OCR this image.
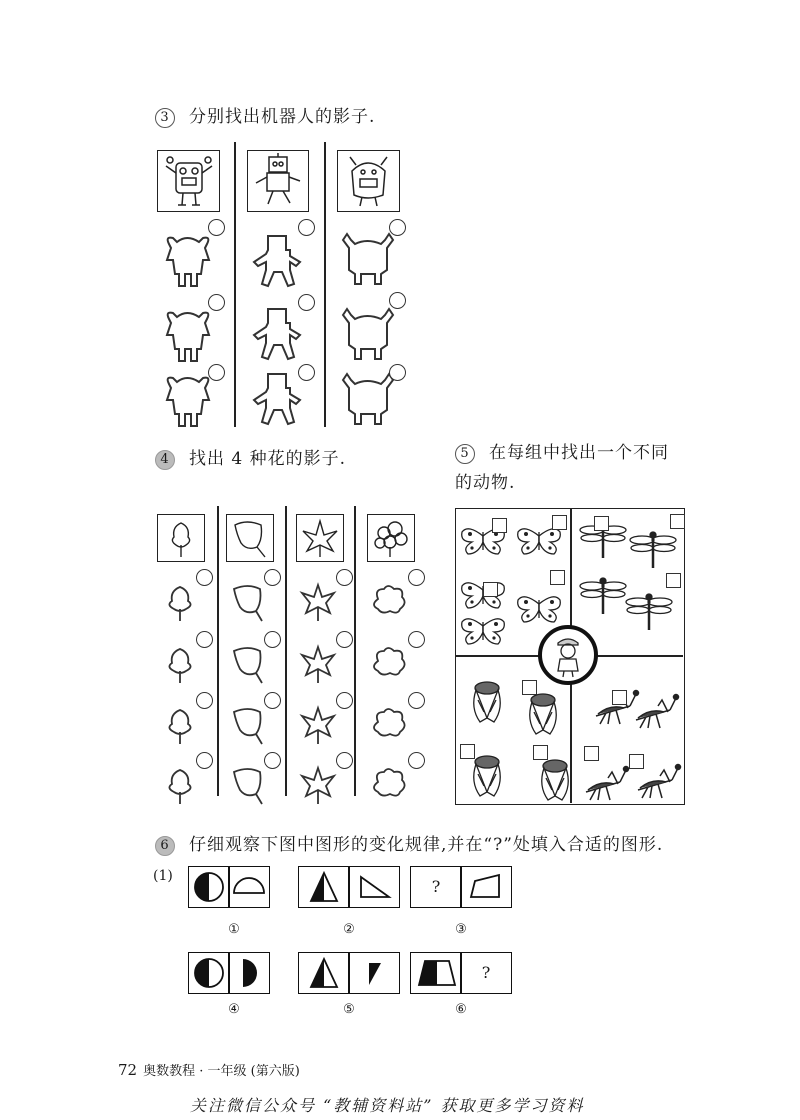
3 分别找出机器人的影子.
4 找出 4 种花的影子.	5 在每组中找出一个不同
的动物.
6 仔细观察下图中图形的变化规律,并在“?”处填入合适的图形.
(1)
①	②
?
③
④	⑤
?
⑥
72 奥数教程 · 一年级 (第六版)
关注微信公众号 “教辅资料站” 获取更多学习资料
